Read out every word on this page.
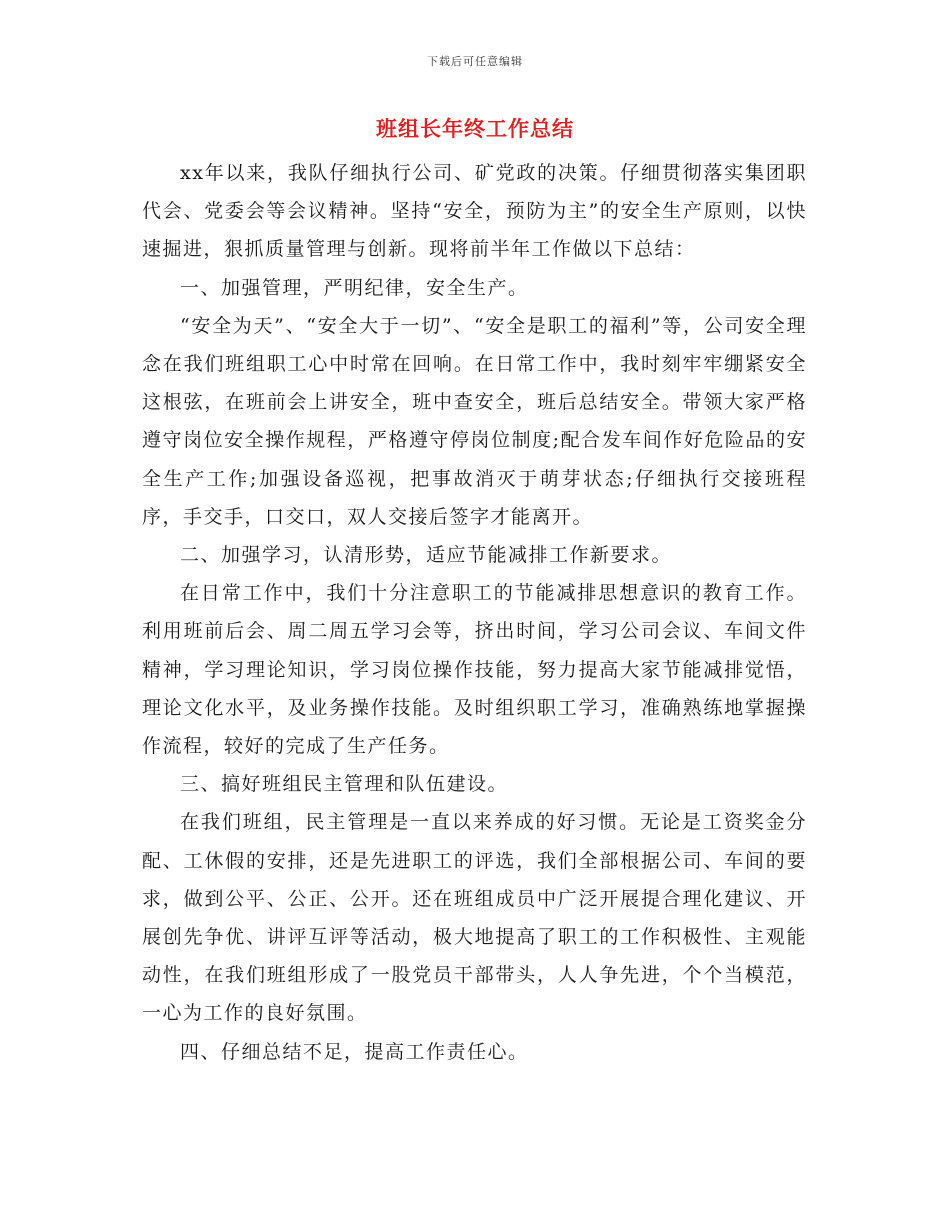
下载后可任意编辑
班组长年终工作总结

xx年以来，我队仔细执行公司、矿党政的决策。仔细贯彻落实集团职代会、党委会等会议精神。坚持“安全，预防为主”的安全生产原则，以快速掘进，狠抓质量管理与创新。现将前半年工作做以下总结：

一、加强管理，严明纪律，安全生产。

“安全为天”、“安全大于一切”、“安全是职工的福利”等，公司安全理念在我们班组职工心中时常在回响。在日常工作中，我时刻牢牢绷紧安全这根弦，在班前会上讲安全，班中查安全，班后总结安全。带领大家严格遵守岗位安全操作规程，严格遵守停岗位制度;配合发车间作好危险品的安全生产工作;加强设备巡视，把事故消灭于萌芽状态;仔细执行交接班程序，手交手，口交口，双人交接后签字才能离开。

二、加强学习，认清形势，适应节能减排工作新要求。

在日常工作中，我们十分注意职工的节能减排思想意识的教育工作。利用班前后会、周二周五学习会等，挤出时间，学习公司会议、车间文件精神，学习理论知识，学习岗位操作技能，努力提高大家节能减排觉悟，理论文化水平，及业务操作技能。及时组织职工学习，准确熟练地掌握操作流程，较好的完成了生产任务。

三、搞好班组民主管理和队伍建设。

在我们班组，民主管理是一直以来养成的好习惯。无论是工资奖金分配、工休假的安排，还是先进职工的评选，我们全部根据公司、车间的要求，做到公平、公正、公开。还在班组成员中广泛开展提合理化建议、开展创先争优、讲评互评等活动，极大地提高了职工的工作积极性、主观能动性，在我们班组形成了一股党员干部带头，人人争先进，个个当模范，一心为工作的良好氛围。

四、仔细总结不足，提高工作责任心。
